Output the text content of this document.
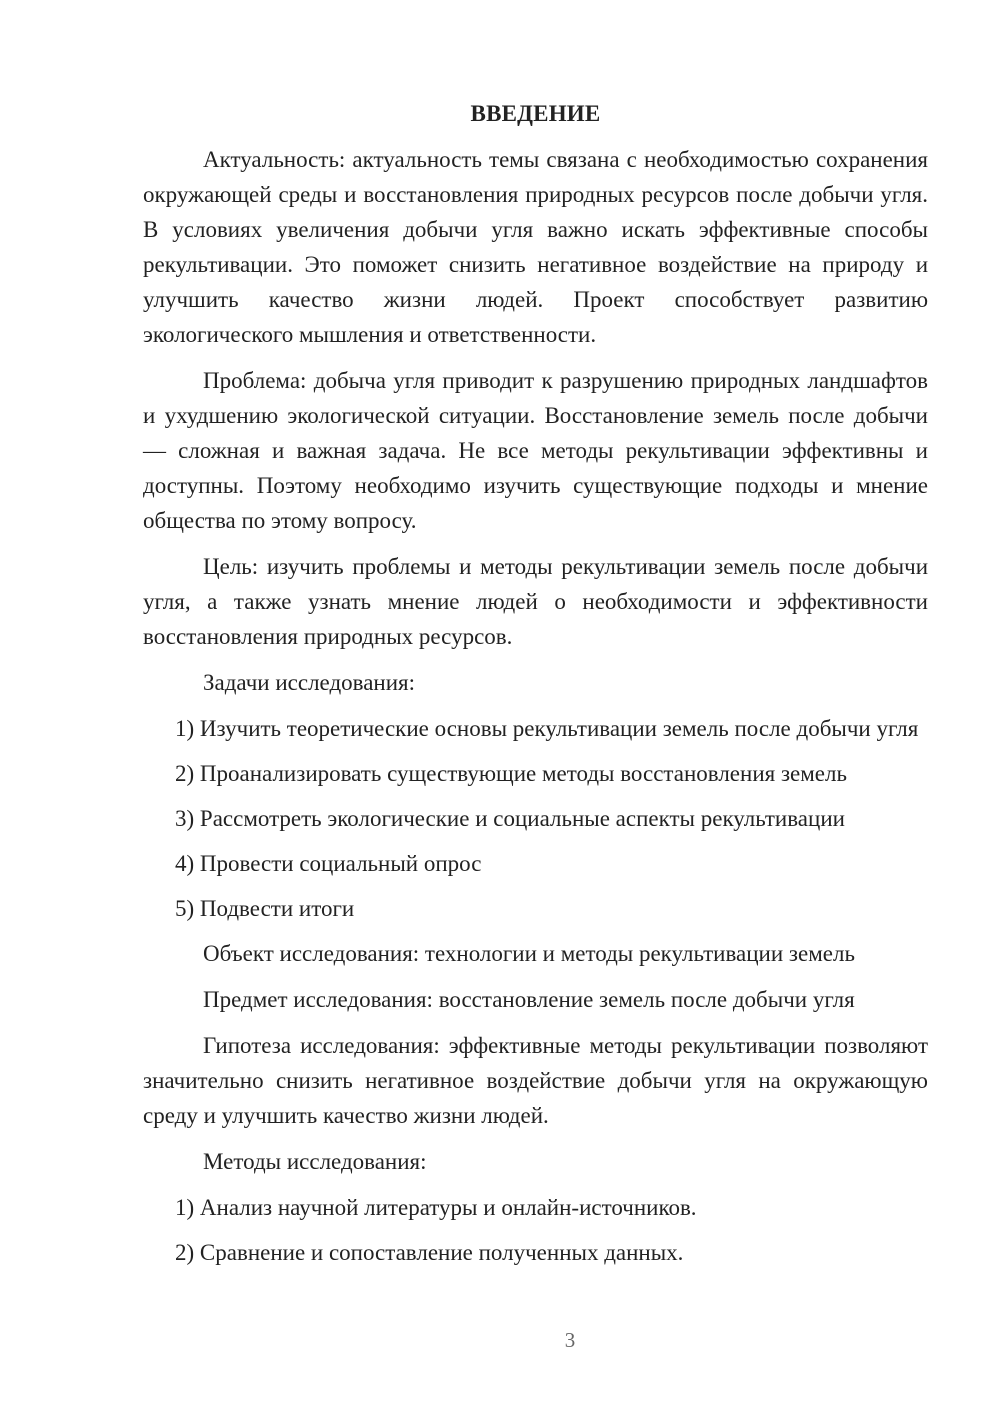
ВВЕДЕНИЕ

Актуальность: актуальность темы связана с необходимостью сохранения окружающей среды и восстановления природных ресурсов после добычи угля. В условиях увеличения добычи угля важно искать эффективные способы рекультивации. Это поможет снизить негативное воздействие на природу и улучшить качество жизни людей. Проект способствует развитию экологического мышления и ответственности.

Проблема: добыча угля приводит к разрушению природных ландшафтов и ухудшению экологической ситуации. Восстановление земель после добычи — сложная и важная задача. Не все методы рекультивации эффективны и доступны. Поэтому необходимо изучить существующие подходы и мнение общества по этому вопросу.

Цель: изучить проблемы и методы рекультивации земель после добычи угля, а также узнать мнение людей о необходимости и эффективности восстановления природных ресурсов.

Задачи исследования:

1) Изучить теоретические основы рекультивации земель после добычи угля

2) Проанализировать существующие методы восстановления земель

3) Рассмотреть экологические и социальные аспекты рекультивации

4) Провести социальный опрос

5) Подвести итоги

Объект исследования: технологии и методы рекультивации земель

Предмет исследования: восстановление земель после добычи угля

Гипотеза исследования: эффективные методы рекультивации позволяют значительно снизить негативное воздействие добычи угля на окружающую среду и улучшить качество жизни людей.

Методы исследования:

1) Анализ научной литературы и онлайн-источников.

2) Сравнение и сопоставление полученных данных.

3
